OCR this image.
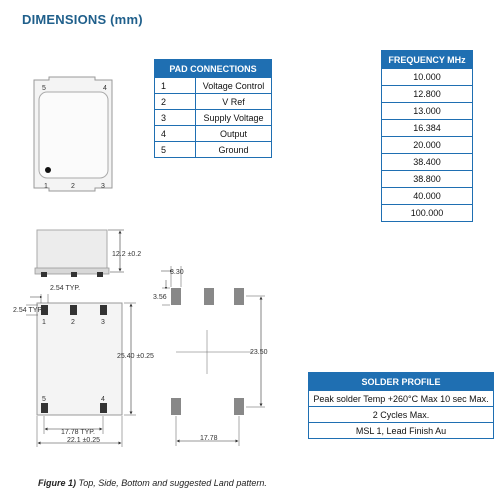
DIMENSIONS (mm)
PAD CONNECTIONS	
1	Voltage Control
2	V Ref
3	Supply Voltage
4	Output
5	Ground
FREQUENCY MHz
10.000
12.800
13.000
16.384
20.000
38.400
38.800
40.000
100.000
SOLDER PROFILE
Peak solder Temp +260°C Max 10 sec Max.
2 Cycles Max.
MSL 1, Lead Finish Au
5	4
1	2	3
12.2 ±0.2
1	2	3
5	4
2.54 TYP.
2.54 TYP.
25.40 ±0.25
17.78 TYP.
22.1 ±0.25
3.30
3.56
23.50
17.78
Figure 1) Top, Side, Bottom and suggested Land pattern.
